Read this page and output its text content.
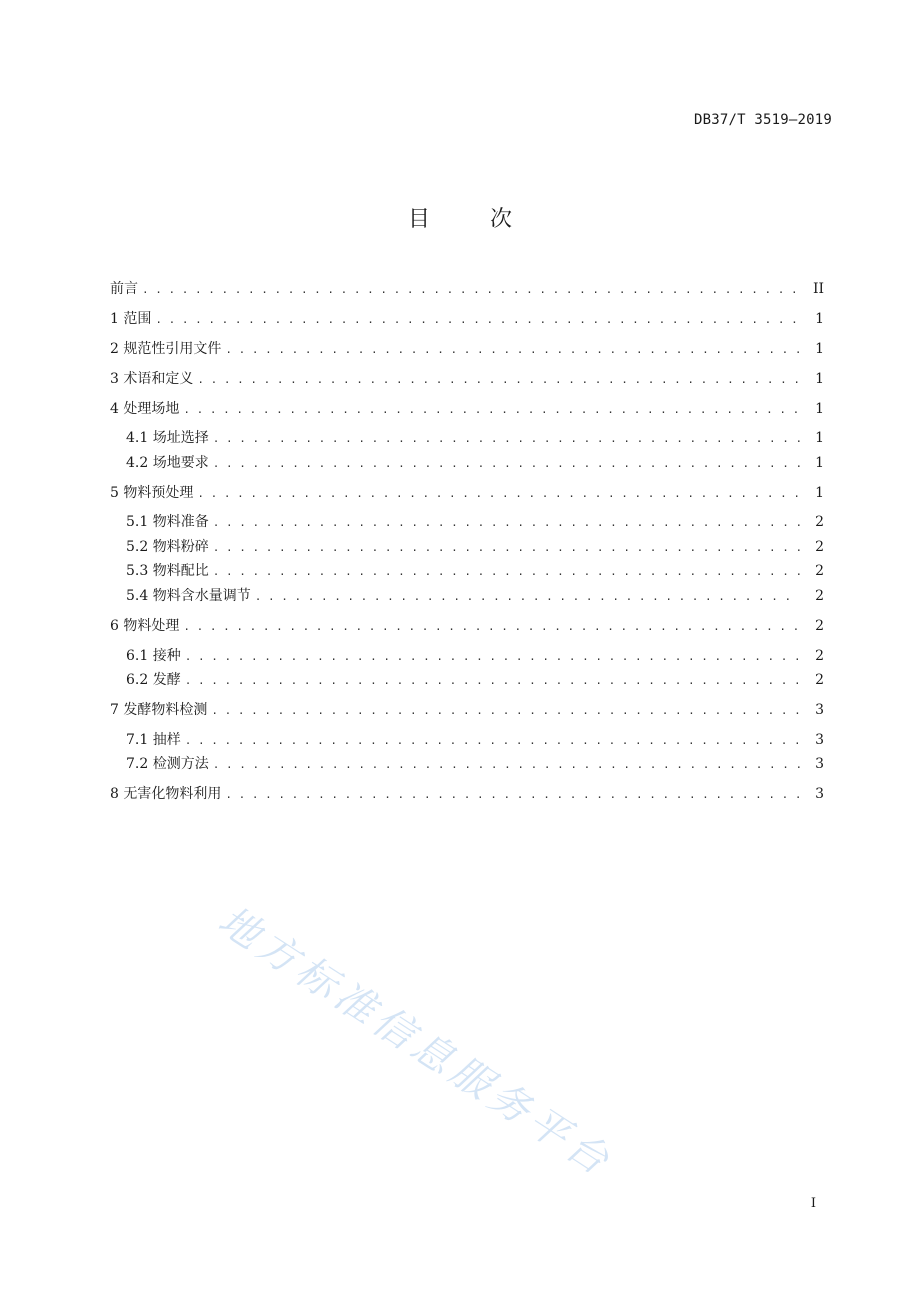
DB37/T 3519—2019
目	次
前言 . . .	II
1 范围 . . .	1
2 规范性引用文件 . . .	1
3 术语和定义 . . .	1
4 处理场地 . . .	1
4.1 场址选择 . . .	1
4.2 场地要求 . . .	1
5 物料预处理 . . .	1
5.1 物料准备 . . .	2
5.2 物料粉碎 . . .	2
5.3 物料配比 . . .	2
5.4 物料含水量调节 . . .	2
6 物料处理 . . .	2
6.1 接种 . . .	2
6.2 发酵 . . .	2
7 发酵物料检测 . . .	3
7.1 抽样 . . .	3
7.2 检测方法 . . .	3
8 无害化物料利用 . . .	3
地方标准信息服务平台
I
